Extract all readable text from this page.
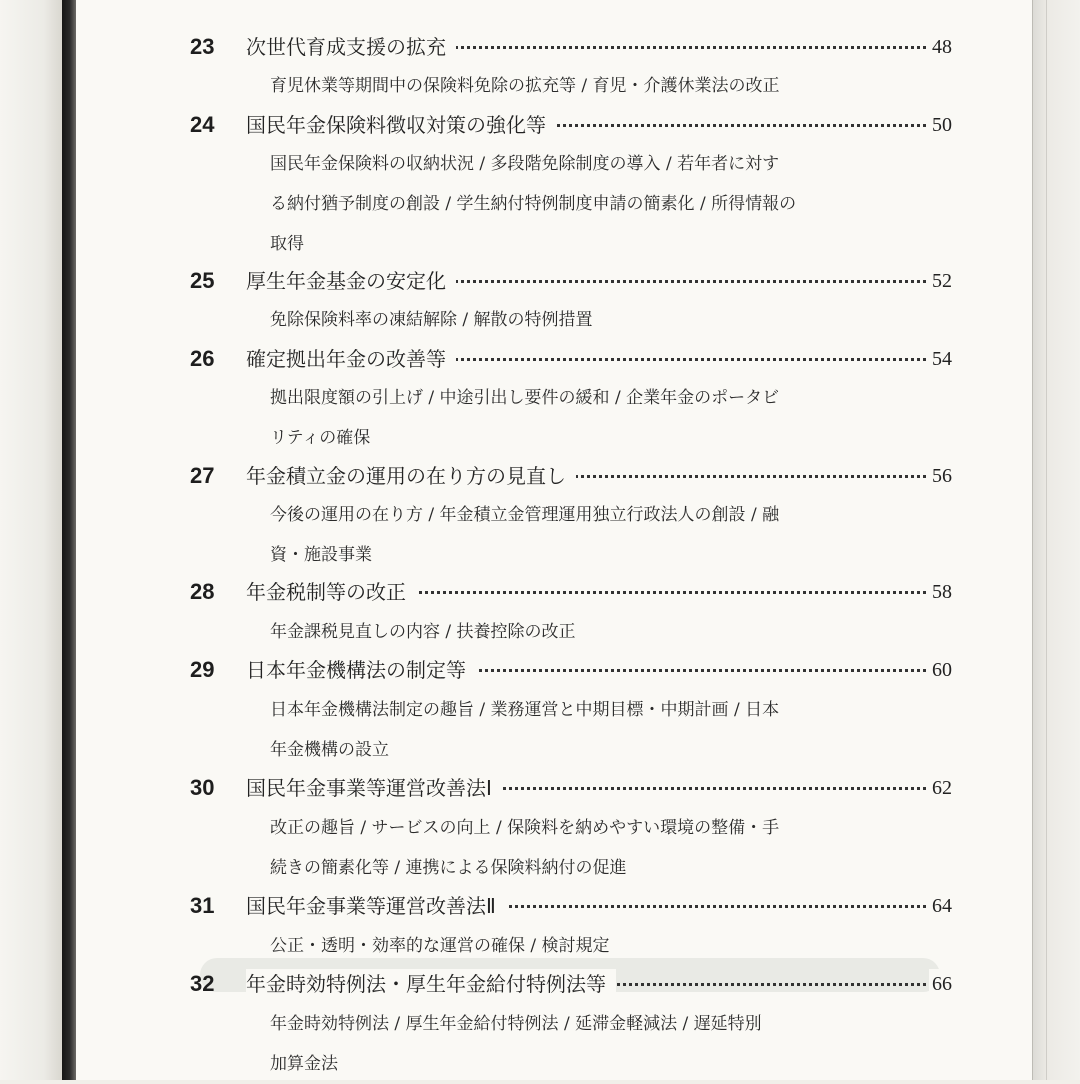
23	次世代育成支援の拡充	48
育児休業等期間中の保険料免除の拡充等 / 育児・介護休業法の改正
24	国民年金保険料徴収対策の強化等	50
国民年金保険料の収納状況 / 多段階免除制度の導入 / 若年者に対す
る納付猶予制度の創設 / 学生納付特例制度申請の簡素化 / 所得情報の
取得
25	厚生年金基金の安定化	52
免除保険料率の凍結解除 / 解散の特例措置
26	確定拠出年金の改善等	54
拠出限度額の引上げ / 中途引出し要件の緩和 / 企業年金のポータビ
リティの確保
27	年金積立金の運用の在り方の見直し	56
今後の運用の在り方 / 年金積立金管理運用独立行政法人の創設 / 融
資・施設事業
28	年金税制等の改正	58
年金課税見直しの内容 / 扶養控除の改正
29	日本年金機構法の制定等	60
日本年金機構法制定の趣旨 / 業務運営と中期目標・中期計画 / 日本
年金機構の設立
30	国民年金事業等運営改善法Ⅰ	62
改正の趣旨 / サービスの向上 / 保険料を納めやすい環境の整備・手
続きの簡素化等 / 連携による保険料納付の促進
31	国民年金事業等運営改善法Ⅱ	64
公正・透明・効率的な運営の確保 / 検討規定
32	年金時効特例法・厚生年金給付特例法等	66
年金時効特例法 / 厚生年金給付特例法 / 延滞金軽減法 / 遅延特別
加算金法
